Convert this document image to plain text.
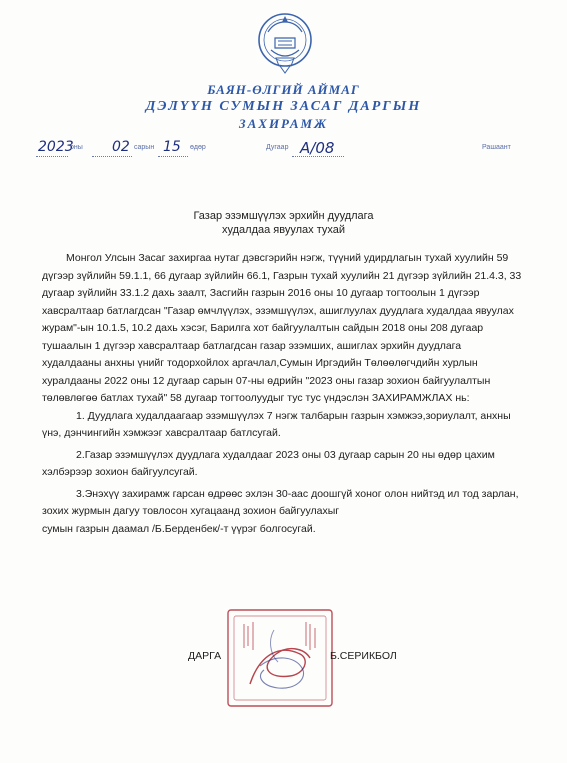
БАЯН-ӨЛГИЙ АЙМАГ
ДЭЛҮҮН СУМЫН ЗАСАГ ДАРГЫН
ЗАХИРАМЖ
2023
оны 02 сарын 15 өдөр	Дугаар А/08	Рашаант
Газар эзэмшүүлэх эрхийн дуудлага
худалдаа явуулах тухай

Монгол Улсын Засаг захиргаа нутаг дэвсгэрийн нэгж, түүний удирдлагын тухай хуулийн 59 дүгээр зүйлийн 59.1.1, 66 дугаар зүйлийн 66.1, Газрын тухай хуулийн 21 дүгээр зүйлийн 21.4.3, 33 дугаар зүйлийн 33.1.2 дахь заалт, Засгийн газрын 2016 оны 10 дугаар тогтоолын 1 дүгээр хавсралтаар батлагдсан "Газар өмчлүүлэх, эзэмшүүлэх, ашиглуулах дуудлага худалдаа явуулах журам"-ын 10.1.5, 10.2 дахь хэсэг, Барилга хот байгуулалтын сайдын 2018 оны 208 дугаар тушаалын 1 дүгээр хавсралтаар батлагдсан газар эзэмших, ашиглах эрхийн дуудлага худалдааны анхны үнийг тодорхойлох аргачлал,Сумын Иргэдийн Төлөөлөгчдийн хурлын хуралдааны 2022 оны 12 дугаар сарын 07-ны өдрийн "2023 оны газар зохион байгуулалтын төлөвлөгөө батлах тухай" 58 дугаар тогтоолуудыг тус тус үндэслэн ЗАХИРАМЖЛАХ нь:

1. Дуудлага худалдаагаар эзэмшүүлэх 7 нэгж талбарын газрын хэмжээ,зориулалт, анхны үнэ, дэнчингийн хэмжээг хавсралтаар батлсугай.

2.Газар эзэмшүүлэх дуудлага худалдааг 2023 оны 03 дугаар сарын 20 ны өдөр цахим хэлбэрээр зохион байгуулсугай.

3.Энэхүү захирамж гарсан өдрөөс эхлэн 30-аас доошгүй хоног олон нийтэд ил тод зарлан, зохих журмын дагуу товлосон хугацаанд зохион байгуулахыг

сумын газрын даамал /Б.Берденбек/-т үүрэг болгосугай.

ДАРГА	Б.СЕРИКБОЛ
